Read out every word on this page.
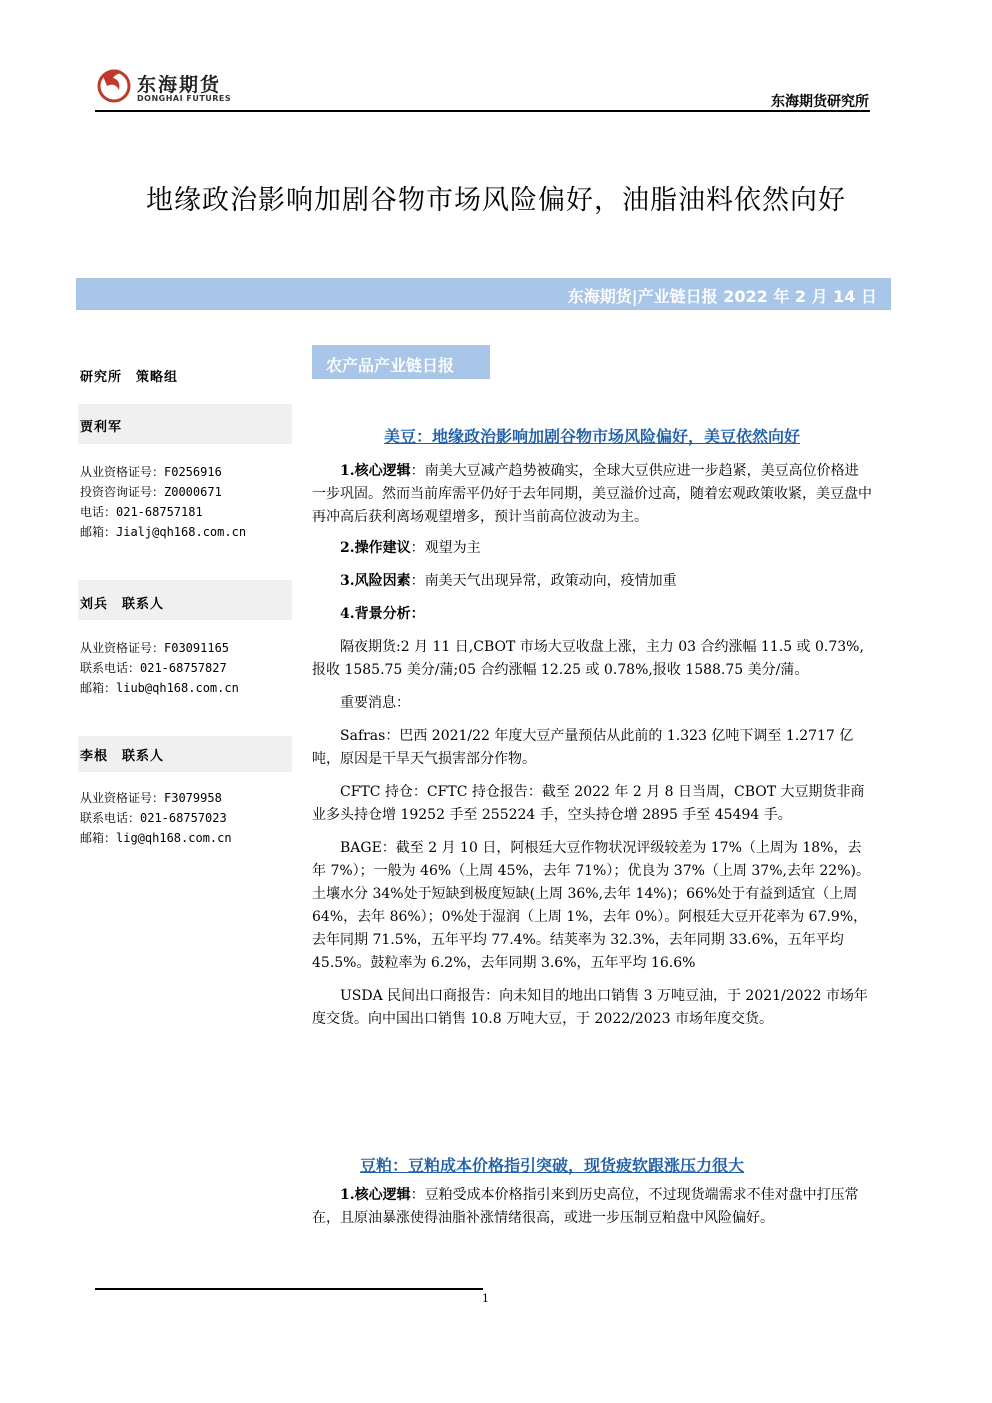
东海期货
DONGHAI FUTURES	东海期货研究所
地缘政治影响加剧谷物市场风险偏好，油脂油料依然向好
东海期货|产业链日报 2022 年 2 月 14 日
研究所　策略组
贾利军
从业资格证号：F0256916
投资咨询证号：Z0000671
电话：021-68757181
邮箱：Jialj@qh168.com.cn
刘兵　联系人
从业资格证号：F03091165
联系电话：021-68757827
邮箱：liub@qh168.com.cn
李根　联系人
从业资格证号：F3079958
联系电话：021-68757023
邮箱：lig@qh168.com.cn
农产品产业链日报
美豆：地缘政治影响加剧谷物市场风险偏好，美豆依然向好

1.核心逻辑：南美大豆减产趋势被确实，全球大豆供应进一步趋紧，美豆高位价格进一步巩固。然而当前库需平仍好于去年同期，美豆溢价过高，随着宏观政策收紧，美豆盘中再冲高后获利离场观望增多，预计当前高位波动为主。

2.操作建议：观望为主

3.风险因素：南美天气出现异常，政策动向，疫情加重

4.背景分析：

隔夜期货:2 月 11 日,CBOT 市场大豆收盘上涨，主力 03 合约涨幅 11.5 或 0.73%,报收 1585.75 美分/蒲;05 合约涨幅 12.25 或 0.78%,报收 1588.75 美分/蒲。

重要消息：

Safras：巴西 2021/22 年度大豆产量预估从此前的 1.323 亿吨下调至 1.2717 亿吨，原因是干旱天气损害部分作物。

CFTC 持仓：CFTC 持仓报告：截至 2022 年 2 月 8 日当周，CBOT 大豆期货非商业多头持仓增 19252 手至 255224 手，空头持仓增 2895 手至 45494 手。

BAGE：截至 2 月 10 日，阿根廷大豆作物状况评级较差为 17%（上周为 18%，去年 7%）；一般为 46%（上周 45%，去年 71%）；优良为 37%（上周 37%,去年 22%)。土壤水分 34%处于短缺到极度短缺(上周 36%,去年 14%)；66%处于有益到适宜（上周 64%，去年 86%）；0%处于湿润（上周 1%，去年 0%）。阿根廷大豆开花率为 67.9%，去年同期 71.5%，五年平均 77.4%。结荚率为 32.3%，去年同期 33.6%，五年平均 45.5%。鼓粒率为 6.2%，去年同期 3.6%，五年平均 16.6%

USDA 民间出口商报告：向未知目的地出口销售 3 万吨豆油，于 2021/2022 市场年度交货。向中国出口销售 10.8 万吨大豆，于 2022/2023 市场年度交货。

豆粕：豆粕成本价格指引突破，现货疲软跟涨压力很大

1.核心逻辑：豆粕受成本价格指引来到历史高位，不过现货端需求不佳对盘中打压常在，且原油暴涨使得油脂补涨情绪很高，或进一步压制豆粕盘中风险偏好。

1
